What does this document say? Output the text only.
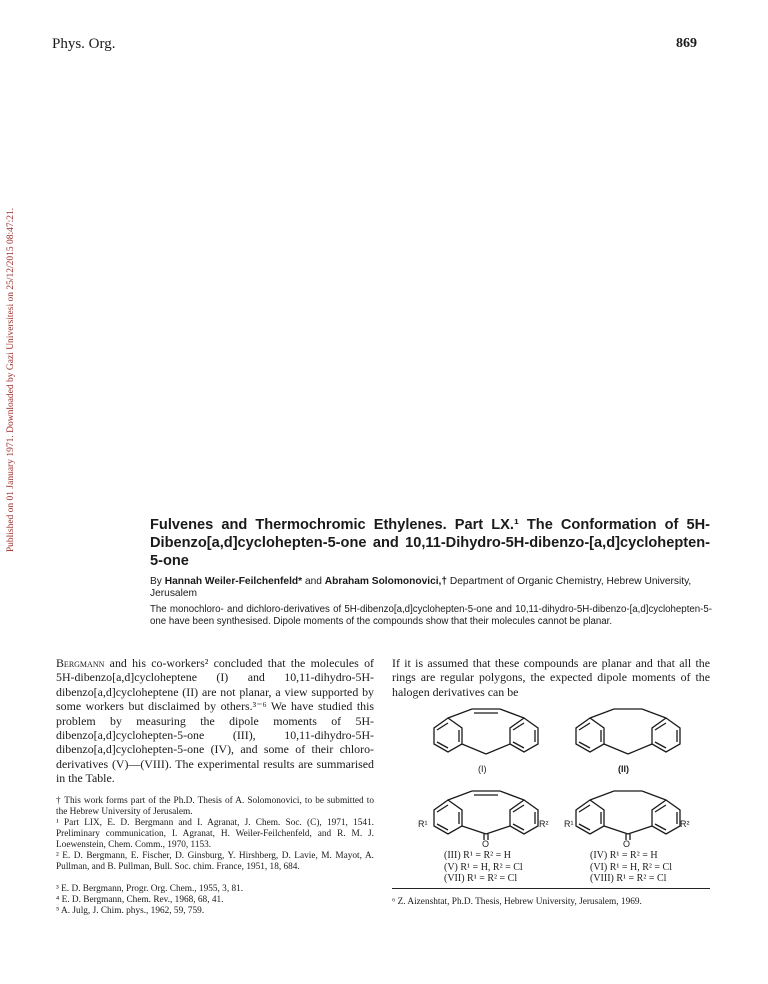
Phys. Org.	869
Published on 01 January 1971. Downloaded by Gazi Universitesi on 25/12/2015 08:47:21.	Fulvenes and Thermochromic Ethylenes. Part LX.¹ The Conformation of 5H-Dibenzo[a,d]cyclohepten-5-one and 10,11-Dihydro-5H-dibenzo-[a,d]cyclohepten-5-one
By Hannah Weiler-Feilchenfeld* and Abraham Solomonovici,† Department of Organic Chemistry, Hebrew University, Jerusalem
The monochloro- and dichloro-derivatives of 5H-dibenzo[a,d]cyclohepten-5-one and 10,11-dihydro-5H-dibenzo-[a,d]cyclohepten-5-one have been synthesised. Dipole moments of the compounds show that their molecules cannot be planar.
Bergmann and his co-workers² concluded that the molecules of 5H-dibenzo[a,d]cycloheptene (I) and 10,11-dihydro-5H-dibenzo[a,d]cycloheptene (II) are not planar, a view supported by some workers but disclaimed by others.³⁻⁶ We have studied this problem by measuring the dipole moments of 5H-dibenzo[a,d]cyclohepten-5-one (III), 10,11-dihydro-5H-dibenzo[a,d]cyclohepten-5-one (IV), and some of their chloro-derivatives (V)—(VIII). The experimental results are summarised in the Table.
If it is assumed that these compounds are planar and that all the rings are regular polygons, the expected dipole moments of the halogen derivatives can be
† This work forms part of the Ph.D. Thesis of A. Solomonovici, to be submitted to the Hebrew University of Jerusalem.
¹ Part LIX, E. D. Bergmann and I. Agranat, J. Chem. Soc. (C), 1971, 1541. Preliminary communication, I. Agranat, H. Weiler-Feilchenfeld, and R. M. J. Loewenstein, Chem. Comm., 1970, 1153.
² E. D. Bergmann, E. Fischer, D. Ginsburg, Y. Hirshberg, D. Lavie, M. Mayot, A. Pullman, and B. Pullman, Bull. Soc. chim. France, 1951, 18, 684.
³ E. D. Bergmann, Progr. Org. Chem., 1955, 3, 81.
⁴ E. D. Bergmann, Chem. Rev., 1968, 68, 41.
⁵ A. Julg, J. Chim. phys., 1962, 59, 759.
⁶ Z. Aizenshtat, Ph.D. Thesis, Hebrew University, Jerusalem, 1969.
(I)	(II)
R¹	R²
O
R¹	R²
O
(III) R¹ = R² = H
(V) R¹ = H, R² = Cl
(VII) R¹ = R² = Cl
(IV) R¹ = R² = H
(VI) R¹ = H, R² = Cl
(VIII) R¹ = R² = Cl
